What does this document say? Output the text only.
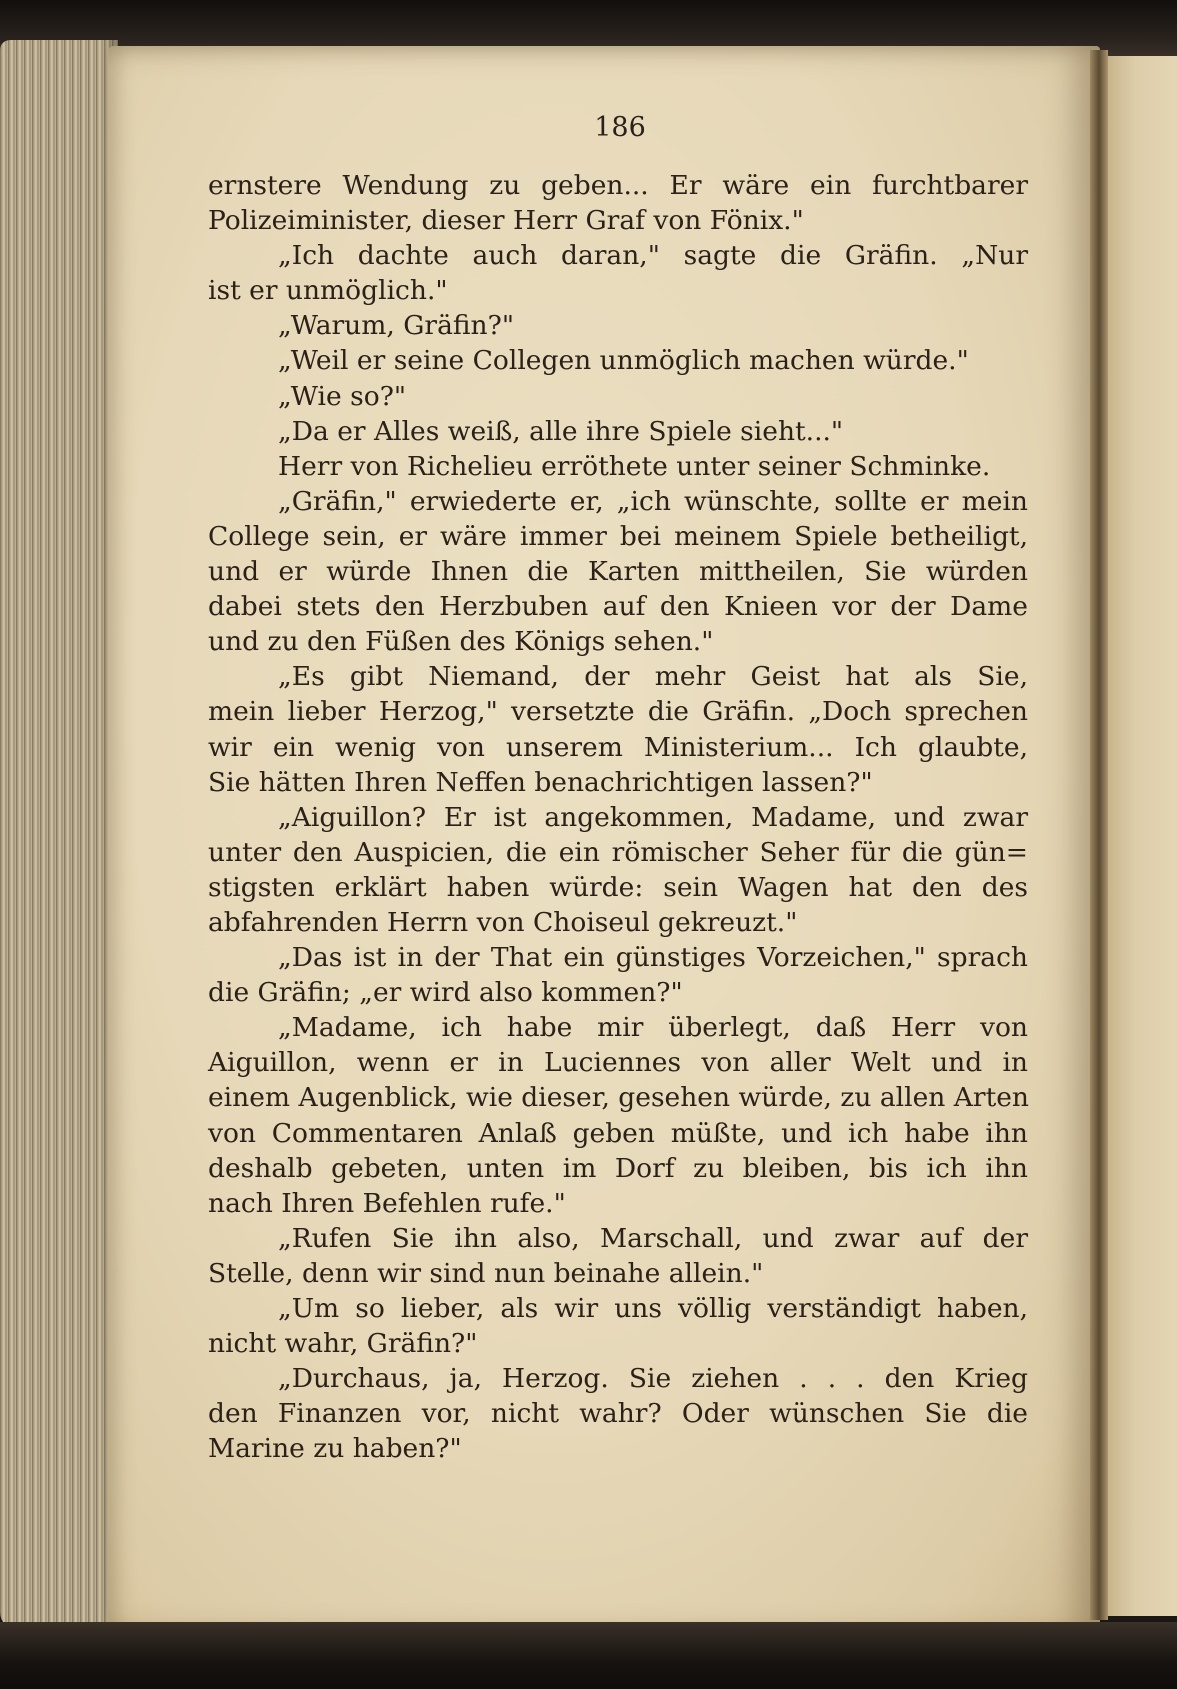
186
ernstere Wendung zu geben... Er wäre ein furchtbarer
Polizeiminister, dieser Herr Graf von Fönix."
„Ich dachte auch daran," sagte die Gräfin. „Nur
ist er unmöglich."
„Warum, Gräfin?"
„Weil er seine Collegen unmöglich machen würde."
„Wie so?"
„Da er Alles weiß, alle ihre Spiele sieht..."
Herr von Richelieu erröthete unter seiner Schminke.
„Gräfin," erwiederte er, „ich wünschte, sollte er mein
College sein, er wäre immer bei meinem Spiele betheiligt,
und er würde Ihnen die Karten mittheilen, Sie würden
dabei stets den Herzbuben auf den Knieen vor der Dame
und zu den Füßen des Königs sehen."
„Es gibt Niemand, der mehr Geist hat als Sie,
mein lieber Herzog," versetzte die Gräfin. „Doch sprechen
wir ein wenig von unserem Ministerium... Ich glaubte,
Sie hätten Ihren Neffen benachrichtigen lassen?"
„Aiguillon? Er ist angekommen, Madame, und zwar
unter den Auspicien, die ein römischer Seher für die gün=
stigsten erklärt haben würde: sein Wagen hat den des
abfahrenden Herrn von Choiseul gekreuzt."
„Das ist in der That ein günstiges Vorzeichen," sprach
die Gräfin; „er wird also kommen?"
„Madame, ich habe mir überlegt, daß Herr von
Aiguillon, wenn er in Luciennes von aller Welt und in
einem Augenblick, wie dieser, gesehen würde, zu allen Arten
von Commentaren Anlaß geben müßte, und ich habe ihn
deshalb gebeten, unten im Dorf zu bleiben, bis ich ihn
nach Ihren Befehlen rufe."
„Rufen Sie ihn also, Marschall, und zwar auf der
Stelle, denn wir sind nun beinahe allein."
„Um so lieber, als wir uns völlig verständigt haben,
nicht wahr, Gräfin?"
„Durchaus, ja, Herzog. Sie ziehen . . . den Krieg
den Finanzen vor, nicht wahr? Oder wünschen Sie die
Marine zu haben?"
